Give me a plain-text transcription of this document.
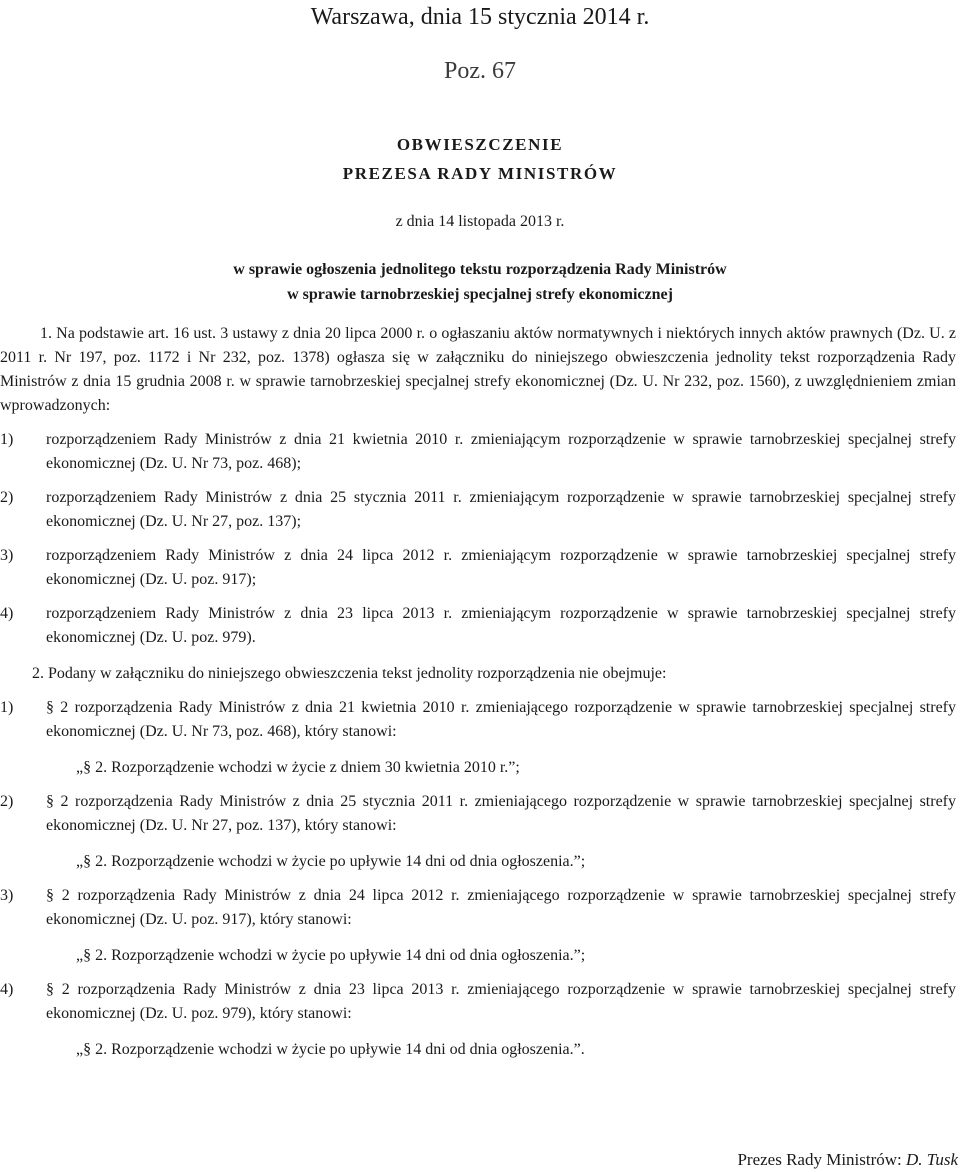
Warszawa, dnia 15 stycznia 2014 r.
Poz. 67
OBWIESZCZENIE
PREZESA RADY MINISTRÓW
z dnia 14 listopada 2013 r.
w sprawie ogłoszenia jednolitego tekstu rozporządzenia Rady Ministrów
w sprawie tarnobrzeskiej specjalnej strefy ekonomicznej

1. Na podstawie art. 16 ust. 3 ustawy z dnia 20 lipca 2000 r. o ogłaszaniu aktów normatywnych i niektórych innych aktów prawnych (Dz. U. z 2011 r. Nr 197, poz. 1172 i Nr 232, poz. 1378) ogłasza się w załączniku do niniejszego obwieszczenia jednolity tekst rozporządzenia Rady Ministrów z dnia 15 grudnia 2008 r. w sprawie tarnobrzeskiej specjalnej strefy ekonomicznej (Dz. U. Nr 232, poz. 1560), z uwzględnieniem zmian wprowadzonych:

1) rozporządzeniem Rady Ministrów z dnia 21 kwietnia 2010 r. zmieniającym rozporządzenie w sprawie tarnobrzeskiej specjalnej strefy ekonomicznej (Dz. U. Nr 73, poz. 468);
2) rozporządzeniem Rady Ministrów z dnia 25 stycznia 2011 r. zmieniającym rozporządzenie w sprawie tarnobrzeskiej specjalnej strefy ekonomicznej (Dz. U. Nr 27, poz. 137);
3) rozporządzeniem Rady Ministrów z dnia 24 lipca 2012 r. zmieniającym rozporządzenie w sprawie tarnobrzeskiej specjalnej strefy ekonomicznej (Dz. U. poz. 917);
4) rozporządzeniem Rady Ministrów z dnia 23 lipca 2013 r. zmieniającym rozporządzenie w sprawie tarnobrzeskiej specjalnej strefy ekonomicznej (Dz. U. poz. 979).

2. Podany w załączniku do niniejszego obwieszczenia tekst jednolity rozporządzenia nie obejmuje:

1) § 2 rozporządzenia Rady Ministrów z dnia 21 kwietnia 2010 r. zmieniającego rozporządzenie w sprawie tarnobrzeskiej specjalnej strefy ekonomicznej (Dz. U. Nr 73, poz. 468), który stanowi:
„§ 2. Rozporządzenie wchodzi w życie z dniem 30 kwietnia 2010 r.”;
2) § 2 rozporządzenia Rady Ministrów z dnia 25 stycznia 2011 r. zmieniającego rozporządzenie w sprawie tarnobrzeskiej specjalnej strefy ekonomicznej (Dz. U. Nr 27, poz. 137), który stanowi:
„§ 2. Rozporządzenie wchodzi w życie po upływie 14 dni od dnia ogłoszenia.”;
3) § 2 rozporządzenia Rady Ministrów z dnia 24 lipca 2012 r. zmieniającego rozporządzenie w sprawie tarnobrzeskiej specjalnej strefy ekonomicznej (Dz. U. poz. 917), który stanowi:
„§ 2. Rozporządzenie wchodzi w życie po upływie 14 dni od dnia ogłoszenia.”;
4) § 2 rozporządzenia Rady Ministrów z dnia 23 lipca 2013 r. zmieniającego rozporządzenie w sprawie tarnobrzeskiej specjalnej strefy ekonomicznej (Dz. U. poz. 979), który stanowi:
„§ 2. Rozporządzenie wchodzi w życie po upływie 14 dni od dnia ogłoszenia.”.
Prezes Rady Ministrów: D. Tusk
